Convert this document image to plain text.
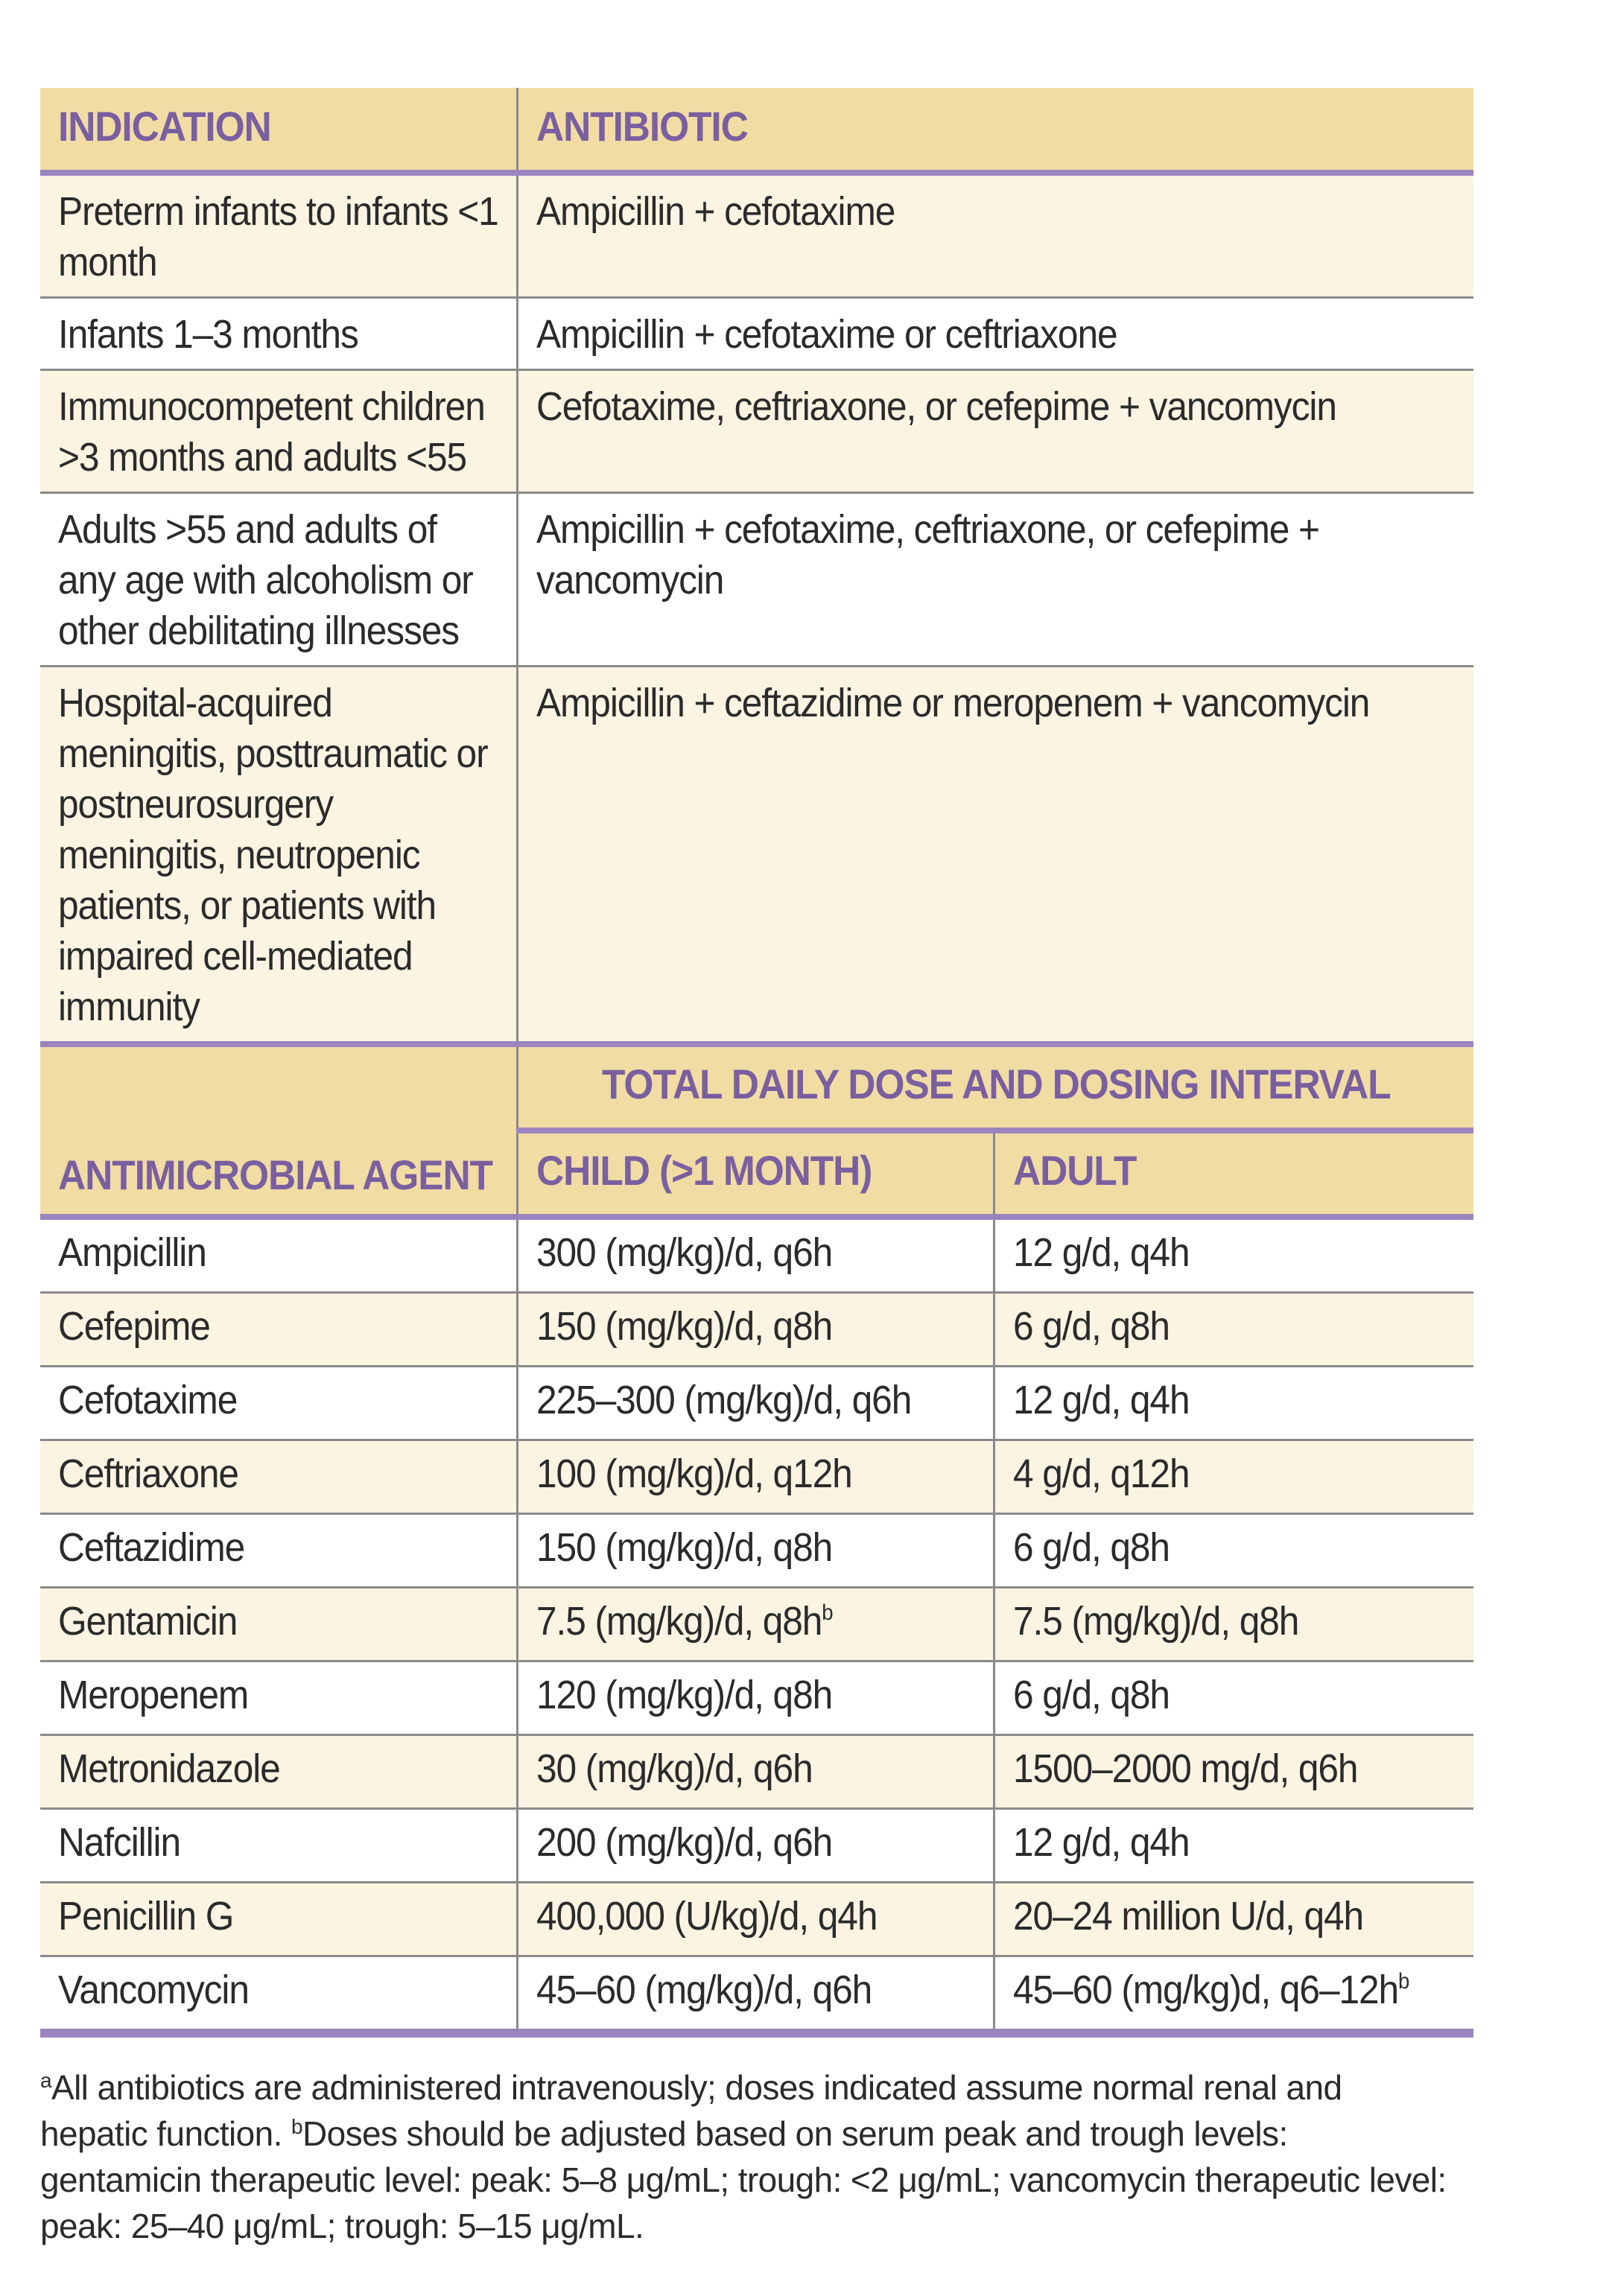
INDICATION	ANTIBIOTIC

Preterm infants to infants <1 month	Ampicillin + cefotaxime

Infants 1–3 months	Ampicillin + cefotaxime or ceftriaxone

Immunocompetent children >3 months and adults <55	Cefotaxime, ceftriaxone, or cefepime + vancomycin

Adults >55 and adults of any age with alcoholism or other debilitating illnesses	Ampicillin + cefotaxime, ceftriaxone, or cefepime + vancomycin

Hospital-acquired meningitis, posttraumatic or postneurosurgery meningitis, neutropenic patients, or patients with impaired cell-mediated immunity	Ampicillin + ceftazidime or meropenem + vancomycin
ANTIMICROBIAL AGENT	TOTAL DAILY DOSE AND DOSING INTERVAL	

	CHILD (>1 MONTH)	ADULT

Ampicillin	300 (mg/kg)/d, q6h	12 g/d, q4h

Cefepime	150 (mg/kg)/d, q8h	6 g/d, q8h

Cefotaxime	225–300 (mg/kg)/d, q6h	12 g/d, q4h

Ceftriaxone	100 (mg/kg)/d, q12h	4 g/d, q12h

Ceftazidime	150 (mg/kg)/d, q8h	6 g/d, q8h

Gentamicin	7.5 (mg/kg)/d, $q8h^b$	7.5 (mg/kg)/d, q8h

Meropenem	120 (mg/kg)/d, q8h	6 g/d, q8h

Metronidazole	30 (mg/kg)/d, q6h	1500–2000 mg/d, q6h

Nafcillin	200 (mg/kg)/d, q6h	12 g/d, q4h

Penicillin G	400,000 (U/kg)/d, q4h	20–24 million U/d, q4h

Vancomycin	45–60 (mg/kg)/d, q6h	45–60 (mg/kg)d, $q6-12h^b$
$^a$All antibiotics are administered intravenously; doses indicated assume normal renal and hepatic function. $^b$Doses should be adjusted based on serum peak and trough levels: gentamicin therapeutic level: peak: 5–8 μg/mL; trough: <2 μg/mL; vancomycin therapeutic level: peak: 25–40 μg/mL; trough: 5–15 μg/mL.
